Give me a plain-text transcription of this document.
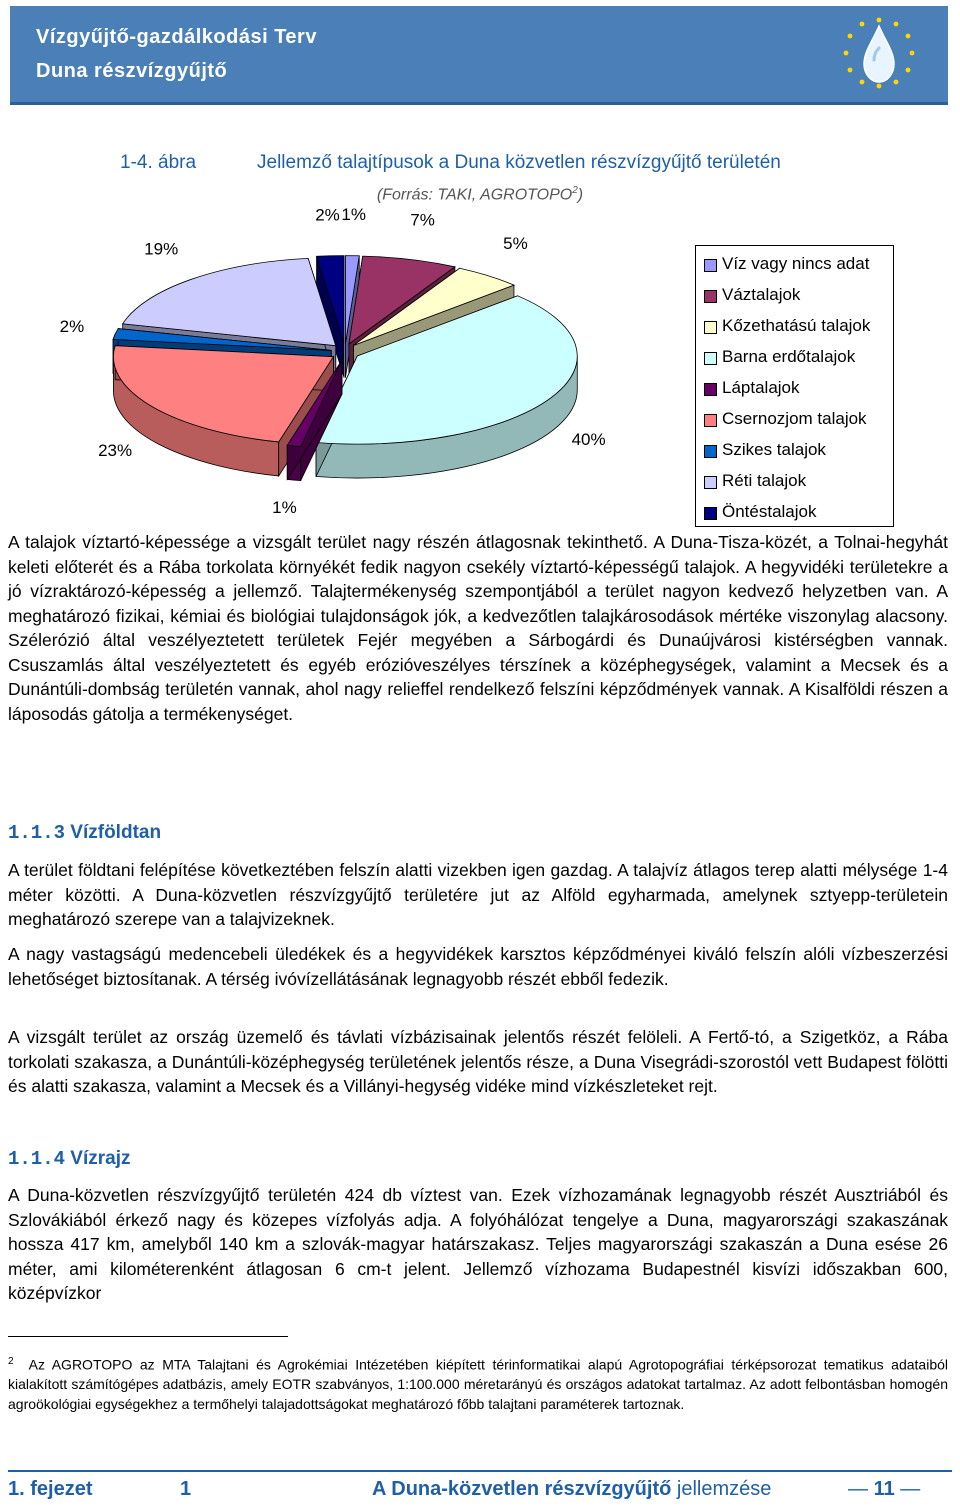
Vízgyűjtő-gazdálkodási Terv
Duna részvízgyűjtő
1-4. ábra	Jellemző talajtípusok a Duna közvetlen részvízgyűjtő területén
(Forrás: TAKI, AGROTOPO$^2$)
1%	7%
5%
40%
1%
23%
2%
19%
2%
Víz vagy nincs adat
Váztalajok
Kőzethatású talajok
Barna erdőtalajok
Láptalajok
Csernozjom talajok
Szikes talajok
Réti talajok
Öntéstalajok
A talajok víztartó-képessége a vizsgált terület nagy részén átlagosnak tekinthető. A Duna-Tisza-közét, a Tolnai-hegyhát keleti előterét és a Rába torkolata környékét fedik nagyon csekély víztartó-képességű talajok. A hegyvidéki területekre a jó vízraktározó-képesség a jellemző. Talajtermékenység szempontjából a terület nagyon kedvező helyzetben van. A meghatározó fizikai, kémiai és biológiai tulajdonságok jók, a kedvezőtlen talajkárosodások mértéke viszonylag alacsony. Szélerózió által veszélyeztetett területek Fejér megyében a Sárbogárdi és Dunaújvárosi kistérségben vannak. Csuszamlás által veszélyeztetett és egyéb erózióveszélyes térszínek a középhegységek, valamint a Mecsek és a Dunántúli-dombság területén vannak, ahol nagy relieffel rendelkező felszíni képződmények vannak. A Kisalföldi részen a láposodás gátolja a termékenységet.
1.1.3 Vízföldtan
A terület földtani felépítése következtében felszín alatti vizekben igen gazdag. A talajvíz átlagos terep alatti mélysége 1-4 méter közötti. A Duna-közvetlen részvízgyűjtő területére jut az Alföld egyharmada, amelynek sztyepp-területein meghatározó szerepe van a talajvizeknek.
A nagy vastagságú medencebeli üledékek és a hegyvidékek karsztos képződményei kiváló felszín alóli vízbeszerzési lehetőséget biztosítanak. A térség ivóvízellátásának legnagyobb részét ebből fedezik.
A vizsgált terület az ország üzemelő és távlati vízbázisainak jelentős részét felöleli. A Fertő-tó, a Szigetköz, a Rába torkolati szakasza, a Dunántúli-középhegység területének jelentős része, a Duna Visegrádi-szorostól vett Budapest fölötti és alatti szakasza, valamint a Mecsek és a Villányi-hegység vidéke mind vízkészleteket rejt.
1.1.4 Vízrajz
A Duna-közvetlen részvízgyűjtő területén 424 db víztest van. Ezek vízhozamának legnagyobb részét Ausztriából és Szlovákiából érkező nagy és közepes vízfolyás adja. A folyóhálózat tengelye a Duna, magyarországi szakaszának hossza 417 km, amelyből 140 km a szlovák-magyar határszakasz. Teljes magyarországi szakaszán a Duna esése 26 méter, ami kilométerenként átlagosan 6 cm-t jelent. Jellemző vízhozama Budapestnél kisvízi időszakban 600, középvízkor
$^2$ Az AGROTOPO az MTA Talajtani és Agrokémiai Intézetében kiépített térinformatikai alapú Agrotopográfiai térképsorozat tematikus adataiból kialakított számítógépes adatbázis, amely EOTR szabványos, 1:100.000 méretarányú és országos adatokat tartalmaz. Az adott felbontásban homogén agroökológiai egységekhez a termőhelyi talajadottságokat meghatározó főbb talajtani paraméterek tartoznak.
1. fejezet	1	A Duna-közvetlen részvízgyűjtő jellemzése	— 11 —
